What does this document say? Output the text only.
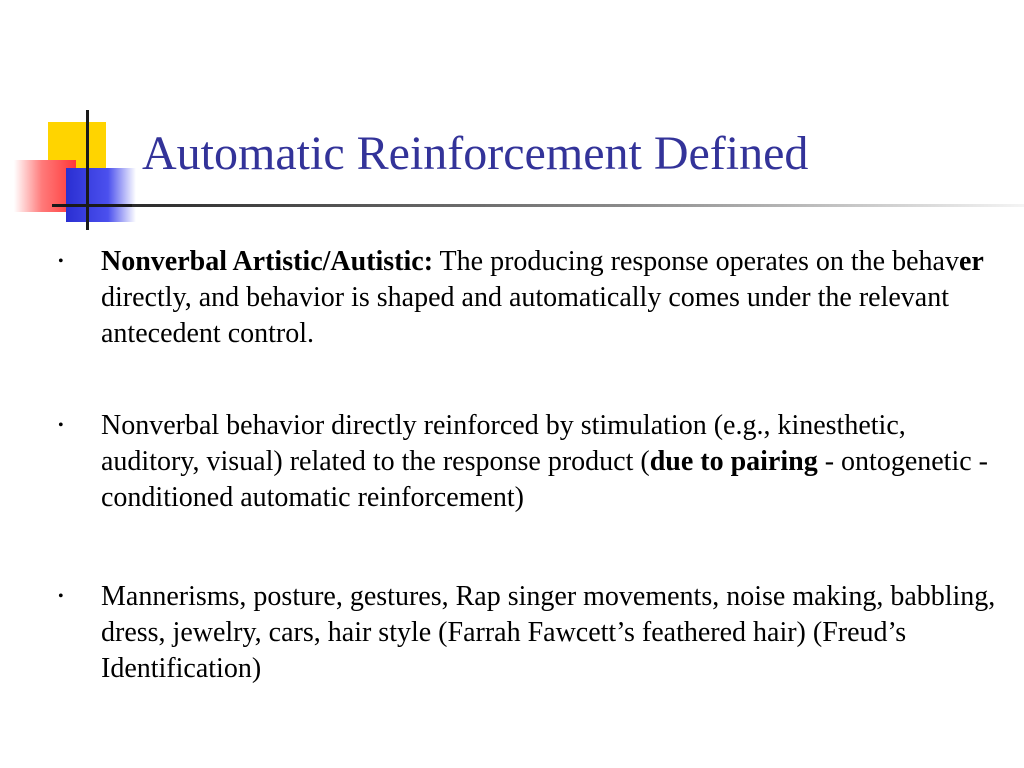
Automatic Reinforcement Defined
• Nonverbal Artistic/Autistic: The producing response operates on the behaver directly, and behavior is shaped and automatically comes under the relevant antecedent control.
• Nonverbal behavior directly reinforced by stimulation (e.g., kinesthetic, auditory, visual) related to the response product (due to pairing - ontogenetic - conditioned automatic reinforcement)
• Mannerisms, posture, gestures, Rap singer movements, noise making, babbling, dress, jewelry, cars, hair style (Farrah Fawcett’s feathered hair) (Freud’s Identification)
